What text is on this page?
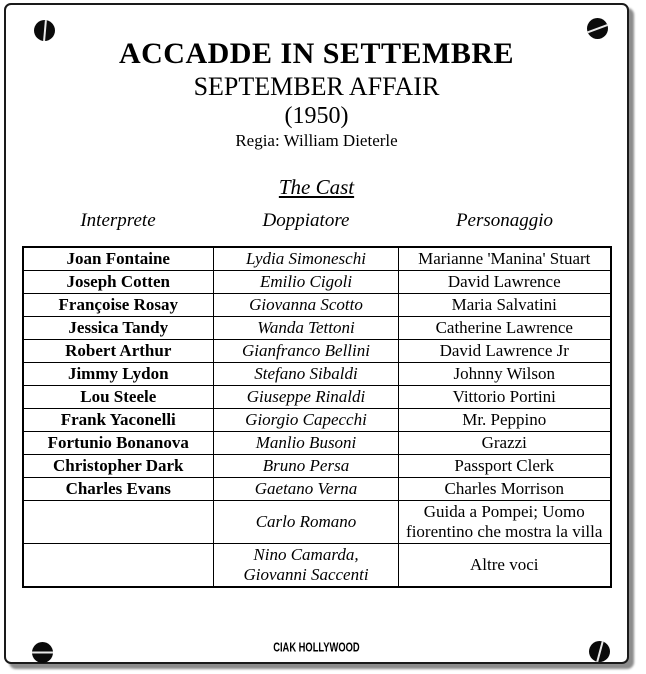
ACCADDE IN SETTEMBRE
SEPTEMBER AFFAIR
(1950)
Regia: William Dieterle
The Cast
Interprete	Doppiatore	Personaggio
Joan Fontaine	Lydia Simoneschi	Marianne 'Manina' Stuart
Joseph Cotten	Emilio Cigoli	David Lawrence
Françoise Rosay	Giovanna Scotto	Maria Salvatini
Jessica Tandy	Wanda Tettoni	Catherine Lawrence
Robert Arthur	Gianfranco Bellini	David Lawrence Jr
Jimmy Lydon	Stefano Sibaldi	Johnny Wilson
Lou Steele	Giuseppe Rinaldi	Vittorio Portini
Frank Yaconelli	Giorgio Capecchi	Mr. Peppino
Fortunio Bonanova	Manlio Busoni	Grazzi
Christopher Dark	Bruno Persa	Passport Clerk
Charles Evans	Gaetano Verna	Charles Morrison
	Carlo Romano	Guida a Pompei; Uomo fiorentino che mostra la villa
	Nino Camarda, Giovanni Saccenti	Altre voci
CIAK HOLLYWOOD
